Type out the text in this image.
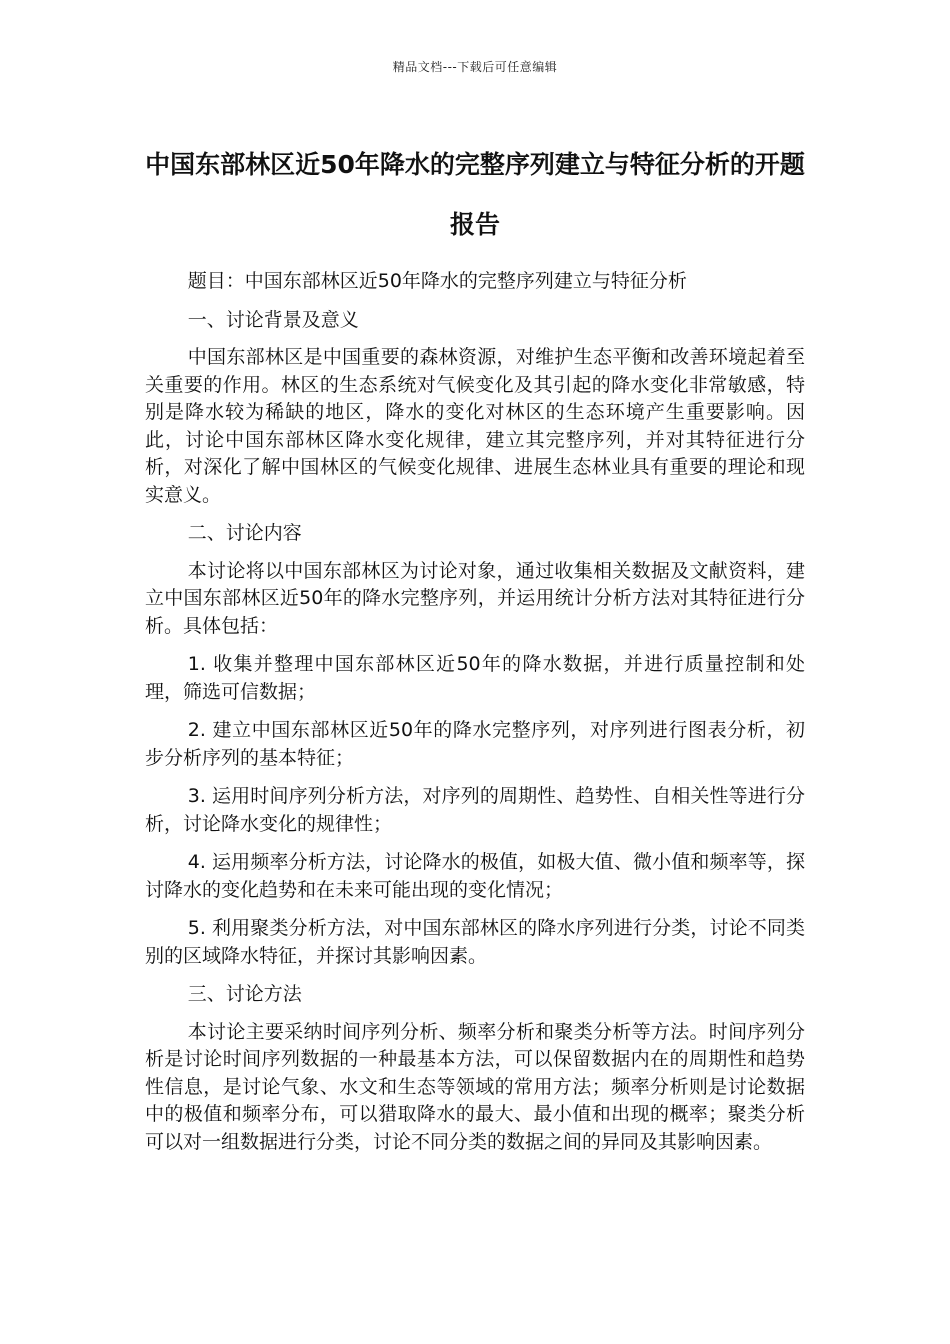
精品文档---下载后可任意编辑
中国东部林区近50年降水的完整序列建立与特征分析的开题报告

题目：中国东部林区近50年降水的完整序列建立与特征分析

一、讨论背景及意义

中国东部林区是中国重要的森林资源，对维护生态平衡和改善环境起着至关重要的作用。林区的生态系统对气候变化及其引起的降水变化非常敏感，特别是降水较为稀缺的地区，降水的变化对林区的生态环境产生重要影响。因此，讨论中国东部林区降水变化规律，建立其完整序列，并对其特征进行分析，对深化了解中国林区的气候变化规律、进展生态林业具有重要的理论和现实意义。

二、讨论内容

本讨论将以中国东部林区为讨论对象，通过收集相关数据及文献资料，建立中国东部林区近50年的降水完整序列，并运用统计分析方法对其特征进行分析。具体包括：

1. 收集并整理中国东部林区近50年的降水数据，并进行质量控制和处理，筛选可信数据；

2. 建立中国东部林区近50年的降水完整序列，对序列进行图表分析，初步分析序列的基本特征；

3. 运用时间序列分析方法，对序列的周期性、趋势性、自相关性等进行分析，讨论降水变化的规律性；

4. 运用频率分析方法，讨论降水的极值，如极大值、微小值和频率等，探讨降水的变化趋势和在未来可能出现的变化情况；

5. 利用聚类分析方法，对中国东部林区的降水序列进行分类，讨论不同类别的区域降水特征，并探讨其影响因素。

三、讨论方法

本讨论主要采纳时间序列分析、频率分析和聚类分析等方法。时间序列分析是讨论时间序列数据的一种最基本方法，可以保留数据内在的周期性和趋势性信息，是讨论气象、水文和生态等领域的常用方法；频率分析则是讨论数据中的极值和频率分布，可以猎取降水的最大、最小值和出现的概率；聚类分析可以对一组数据进行分类，讨论不同分类的数据之间的异同及其影响因素。
